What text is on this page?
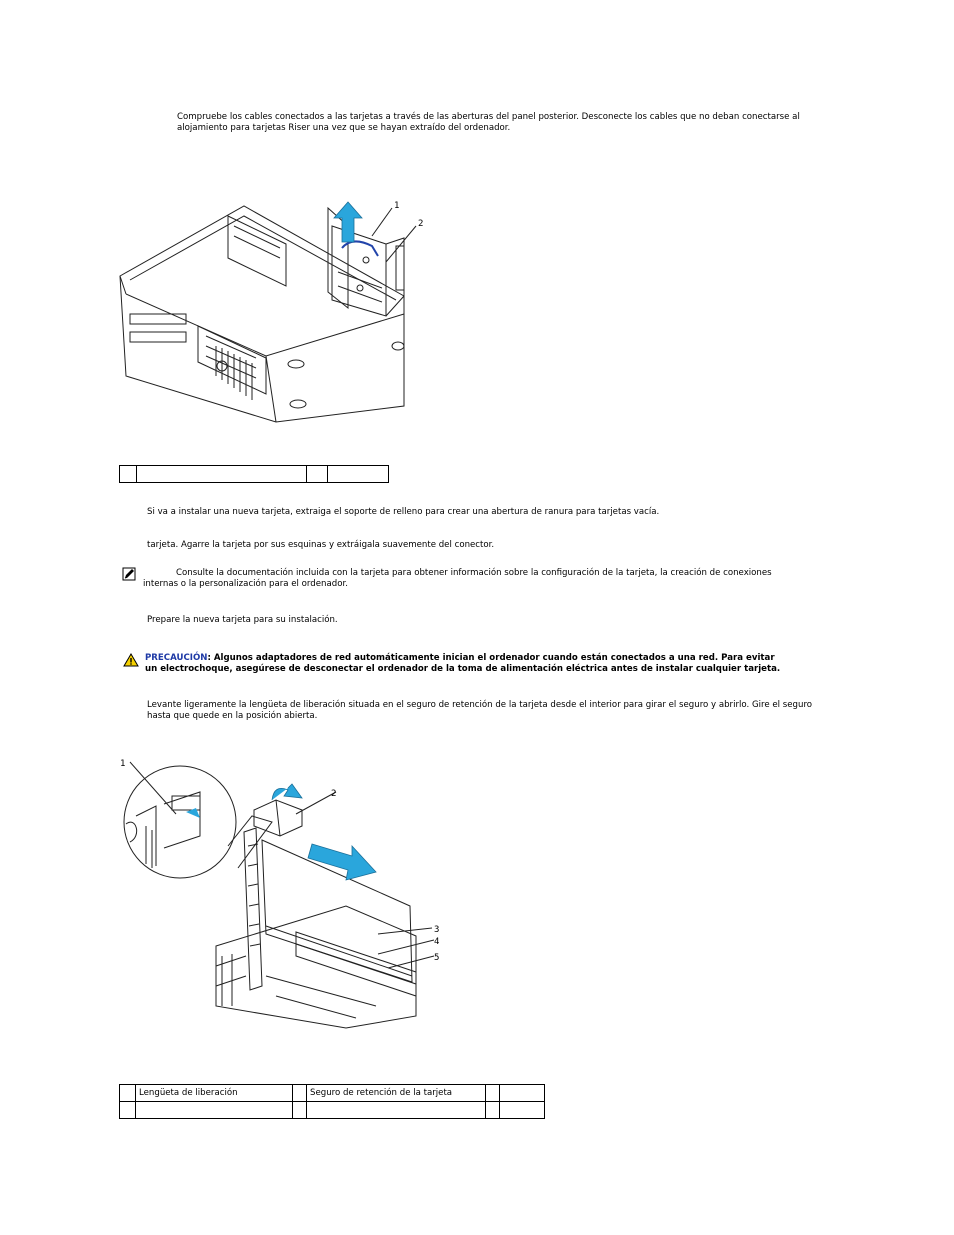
Compruebe los cables conectados a las tarjetas a través de las aberturas del panel posterior. Desconecte los cables que no deban conectarse al alojamiento para tarjetas Riser una vez que se hayan extraído del ordenador.
1
2

Si va a instalar una nueva tarjeta, extraiga el soporte de relleno para crear una abertura de ranura para tarjetas vacía.
tarjeta. Agarre la tarjeta por sus esquinas y extráigala suavemente del conector.
Consulte la documentación incluida con la tarjeta para obtener información sobre la configuración de la tarjeta, la creación de conexiones internas o la personalización para el ordenador.
Prepare la nueva tarjeta para su instalación.
PRECAUCIÓN: Algunos adaptadores de red automáticamente inician el ordenador cuando están conectados a una red. Para evitar un electrochoque, asegúrese de desconectar el ordenador de la toma de alimentación eléctrica antes de instalar cualquier tarjeta.
Levante ligeramente la lengüeta de liberación situada en el seguro de retención de la tarjeta desde el interior para girar el seguro y abrirlo. Gire el seguro hasta que quede en la posición abierta.
1
2
3
4
5
	Lengüeta de liberación		Seguro de retención de la tarjeta		
